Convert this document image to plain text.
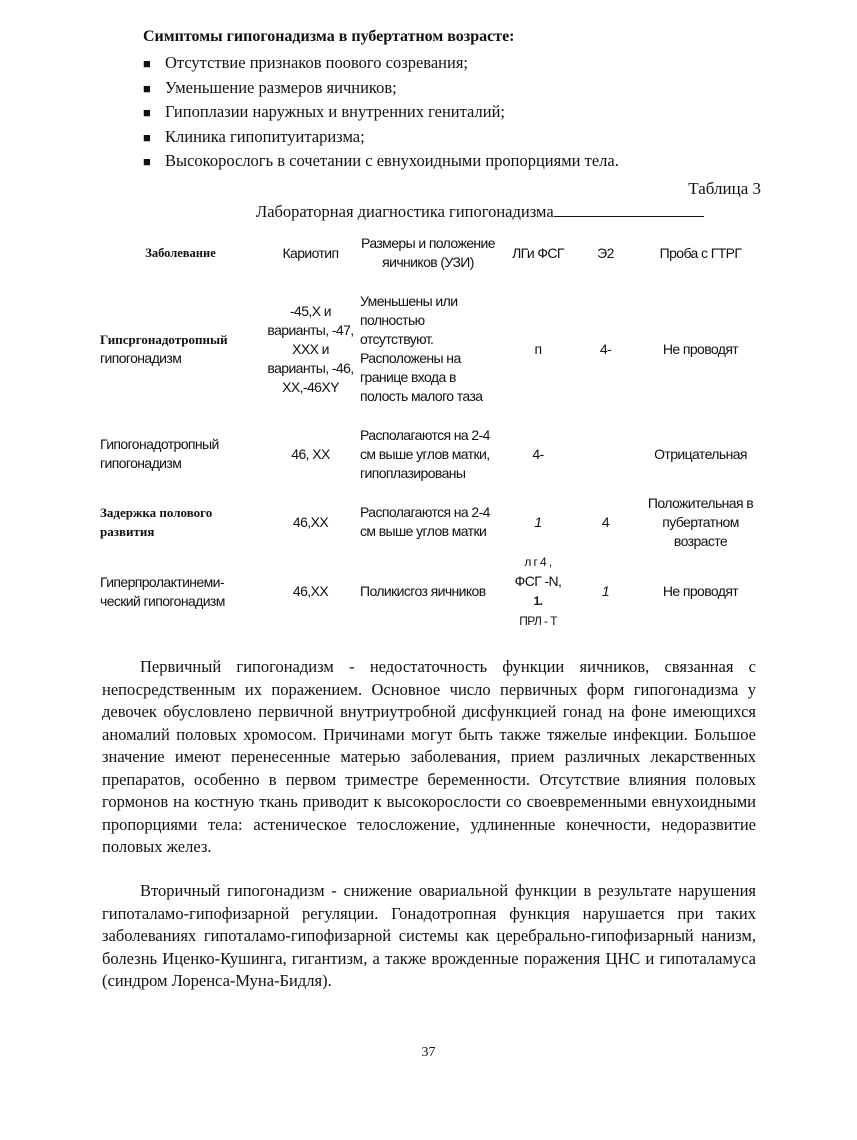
Симптомы гипогонадизма в пубертатном возрасте:
■ Отсутствие признаков поового созревания;
■ Уменьшение размеров яичников;
■ Гипоплазии наружных и внутренних гениталий;
■ Клиника гипопитуитаризма;
■ Высокорослогь в сочетании с евнухоидными пропорциями тела.
Таблица 3
Лабораторная диагностика гипогонадизма
Заболевание	Кариотип	Размеры и положение яичников (УЗИ)	ЛГи ФСГ	Э2	Проба с ГТРГ
Гипсргонадотропный
гипогонадизм	-45,Х и варианты, -47, XXX и варианты, -46, XX,-46XY	Уменьшены или полностью отсутствуют. Расположены на границе входа в полость малого таза	п	4-	Не проводят
Гипогонадотропный гипогонадизм	46, XX	Располагаются на 2-4 см выше углов матки, гипоплазированы	4-		Отрицательная
Задержка полового развития	46,XX	Располагаются на 2-4 см выше углов матки	1	4	Положительная в пубертатном возрасте
Гиперпролактинеми-ческий гипогонадизм	46,XX	Поликисгоз яичников	л г 4 ,
ФСГ -N,
1.
ПРЛ - Т	1	Не проводят

Первичный гипогонадизм - недостаточность функции яичников, связанная с непосредственным их поражением. Основное число первичных форм гипогонадизма у девочек обусловлено первичной внутриутробной дисфункцией гонад на фоне имеющихся аномалий половых хромосом. Причинами могут быть также тяжелые инфекции. Большое значение имеют перенесенные матерью заболевания, прием различных лекарственных препаратов, особенно в первом триместре беременности. Отсутствие влияния половых гормонов на костную ткань приводит к высокорослости со своевременными евнухоидными пропорциями тела: астеническое телосложение, удлиненные конечности, недоразвитие половых желез.

Вторичный гипогонадизм - снижение овариальной функции в результате нарушения гипоталамо-гипофизарной регуляции. Гонадотропная функция нарушается при таких заболеваниях гипоталамо-гипофизарной системы как церебрально-гипофизарный нанизм, болезнь Иценко-Кушинга, гигантизм, а также врожденные поражения ЦНС и гипоталамуса (синдром Лоренса-Муна-Бидля).

37
